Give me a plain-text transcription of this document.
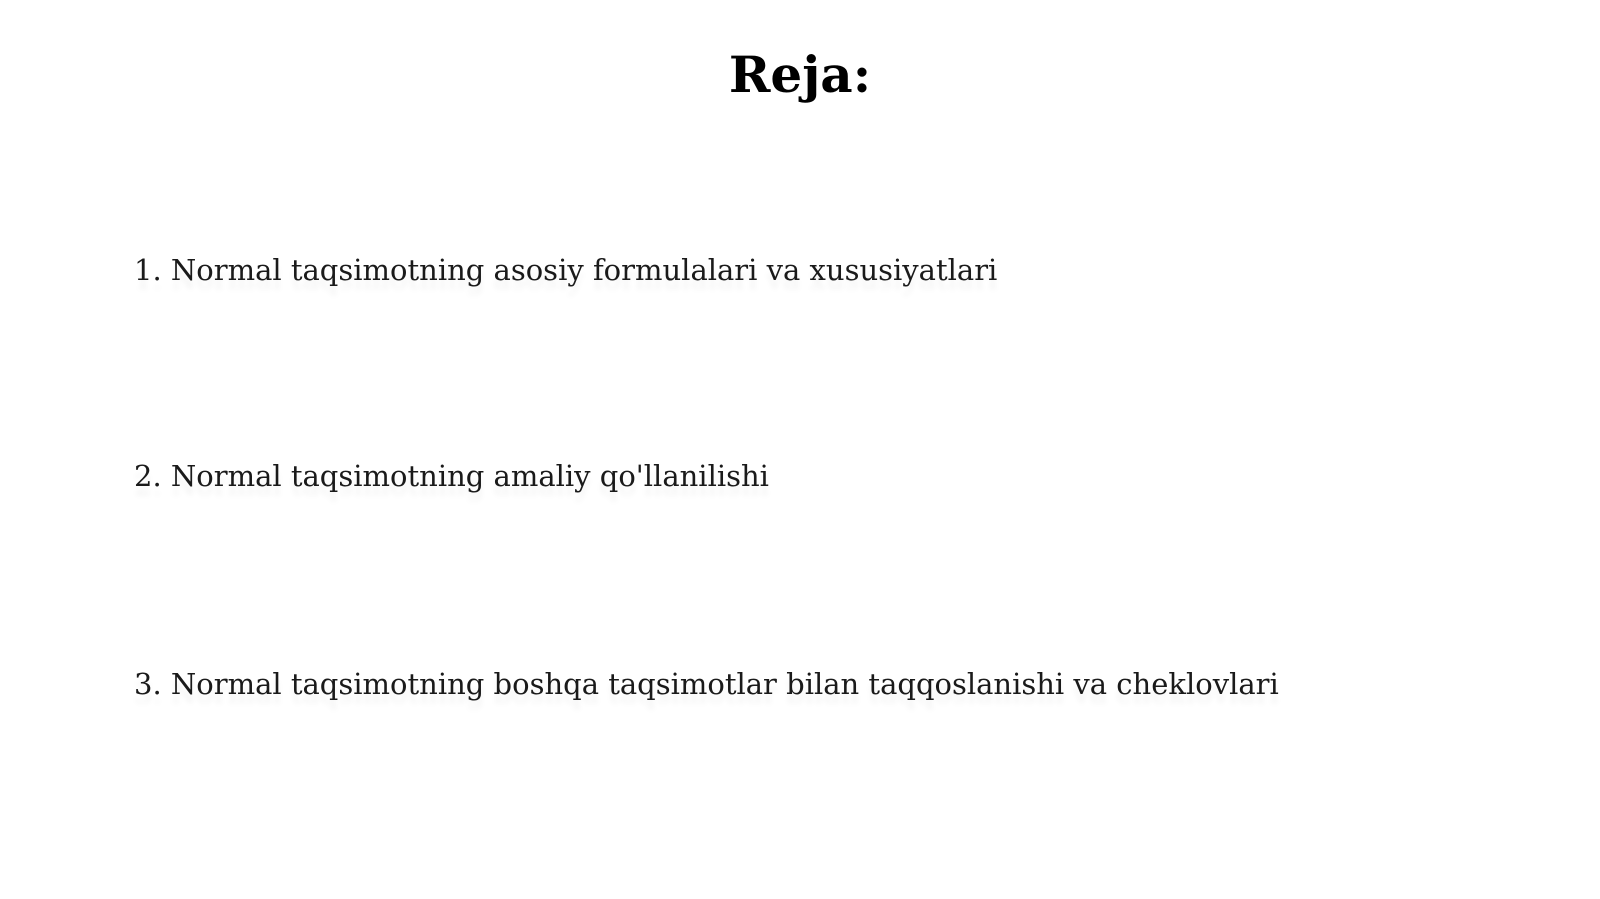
Reja:
1. Normal taqsimotning asosiy formulalari va xususiyatlari
2. Normal taqsimotning amaliy qo'llanilishi
3. Normal taqsimotning boshqa taqsimotlar bilan taqqoslanishi va cheklovlari
